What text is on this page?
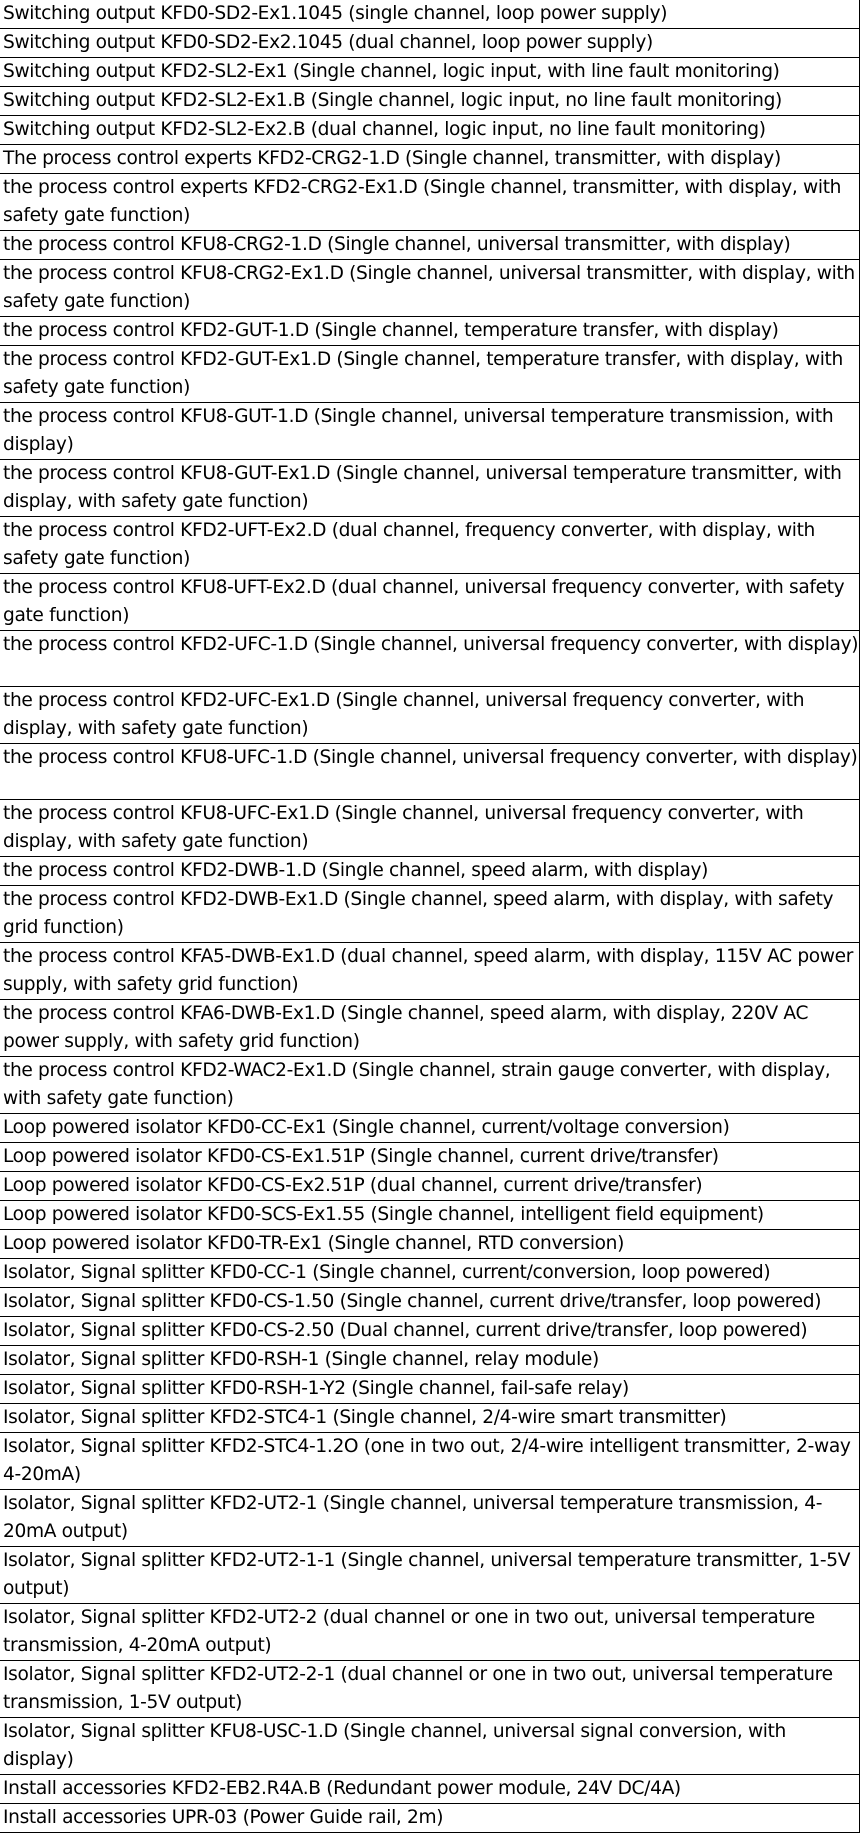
Switching output KFD0-SD2-Ex1.1045 (single channel, loop power supply)
Switching output KFD0-SD2-Ex2.1045 (dual channel, loop power supply)
Switching output KFD2-SL2-Ex1 (Single channel, logic input, with line fault monitoring)
Switching output KFD2-SL2-Ex1.B (Single channel, logic input, no line fault monitoring)
Switching output KFD2-SL2-Ex2.B (dual channel, logic input, no line fault monitoring)
The process control experts KFD2-CRG2-1.D (Single channel, transmitter, with display)
the process control experts KFD2-CRG2-Ex1.D (Single channel, transmitter, with display, with safety gate function)
the process control KFU8-CRG2-1.D (Single channel, universal transmitter, with display)
the process control KFU8-CRG2-Ex1.D (Single channel, universal transmitter, with display, with safety gate function)
the process control KFD2-GUT-1.D (Single channel, temperature transfer, with display)
the process control KFD2-GUT-Ex1.D (Single channel, temperature transfer, with display, with safety gate function)
the process control KFU8-GUT-1.D (Single channel, universal temperature transmission, with display)
the process control KFU8-GUT-Ex1.D (Single channel, universal temperature transmitter, with display, with safety gate function)
the process control KFD2-UFT-Ex2.D (dual channel, frequency converter, with display, with safety gate function)
the process control KFU8-UFT-Ex2.D (dual channel, universal frequency converter, with safety gate function)
the process control KFD2-UFC-1.D (Single channel, universal frequency converter, with display)
the process control KFD2-UFC-Ex1.D (Single channel, universal frequency converter, with display, with safety gate function)
the process control KFU8-UFC-1.D (Single channel, universal frequency converter, with display)
the process control KFU8-UFC-Ex1.D (Single channel, universal frequency converter, with display, with safety gate function)
the process control KFD2-DWB-1.D (Single channel, speed alarm, with display)
the process control KFD2-DWB-Ex1.D (Single channel, speed alarm, with display, with safety grid function)
the process control KFA5-DWB-Ex1.D (dual channel, speed alarm, with display, 115V AC power supply, with safety grid function)
the process control KFA6-DWB-Ex1.D (Single channel, speed alarm, with display, 220V AC power supply, with safety grid function)
the process control KFD2-WAC2-Ex1.D (Single channel, strain gauge converter, with display, with safety gate function)
Loop powered isolator KFD0-CC-Ex1 (Single channel, current/voltage conversion)
Loop powered isolator KFD0-CS-Ex1.51P (Single channel, current drive/transfer)
Loop powered isolator KFD0-CS-Ex2.51P (dual channel, current drive/transfer)
Loop powered isolator KFD0-SCS-Ex1.55 (Single channel, intelligent field equipment)
Loop powered isolator KFD0-TR-Ex1 (Single channel, RTD conversion)
Isolator, Signal splitter KFD0-CC-1 (Single channel, current/conversion, loop powered)
Isolator, Signal splitter KFD0-CS-1.50 (Single channel, current drive/transfer, loop powered)
Isolator, Signal splitter KFD0-CS-2.50 (Dual channel, current drive/transfer, loop powered)
Isolator, Signal splitter KFD0-RSH-1 (Single channel, relay module)
Isolator, Signal splitter KFD0-RSH-1-Y2 (Single channel, fail-safe relay)
Isolator, Signal splitter KFD2-STC4-1 (Single channel, 2/4-wire smart transmitter)
Isolator, Signal splitter KFD2-STC4-1.2O (one in two out, 2/4-wire intelligent transmitter, 2-way 4-20mA)
Isolator, Signal splitter KFD2-UT2-1 (Single channel, universal temperature transmission, 4-20mA output)
Isolator, Signal splitter KFD2-UT2-1-1 (Single channel, universal temperature transmitter, 1-5V output)
Isolator, Signal splitter KFD2-UT2-2 (dual channel or one in two out, universal temperature transmission, 4-20mA output)
Isolator, Signal splitter KFD2-UT2-2-1 (dual channel or one in two out, universal temperature transmission, 1-5V output)
Isolator, Signal splitter KFU8-USC-1.D (Single channel, universal signal conversion, with display)
Install accessories KFD2-EB2.R4A.B (Redundant power module, 24V DC/4A)
Install accessories UPR-03 (Power Guide rail, 2m)
